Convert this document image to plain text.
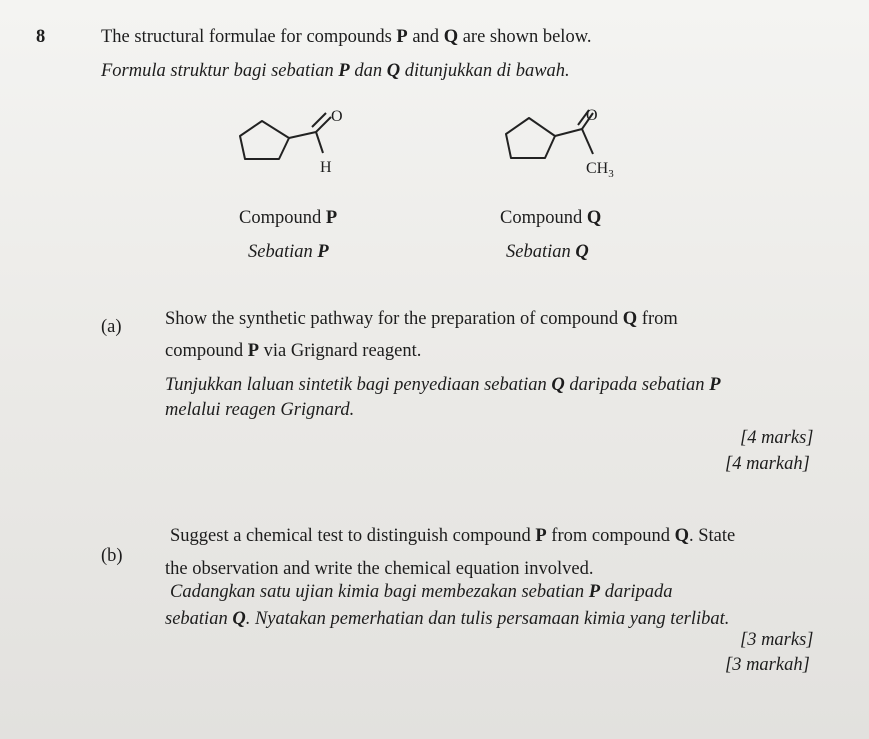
8	The structural formulae for compounds P and Q are shown below.
Formula struktur bagi sebatian P dan Q ditunjukkan di bawah.
O
H
O
$CH_3$
Compound P
Sebatian P
Compound Q
Sebatian Q
(a) Show the synthetic pathway for the preparation of compound Q from
compound P via Grignard reagent.
Tunjukkan laluan sintetik bagi penyediaan sebatian Q daripada sebatian P
melalui reagen Grignard.
[4 marks]
[4 markah]
(b)
Suggest a chemical test to distinguish compound P from compound Q. State
the observation and write the chemical equation involved.
Cadangkan satu ujian kimia bagi membezakan sebatian P daripada
sebatian Q. Nyatakan pemerhatian dan tulis persamaan kimia yang terlibat.
[3 marks]
[3 markah]
